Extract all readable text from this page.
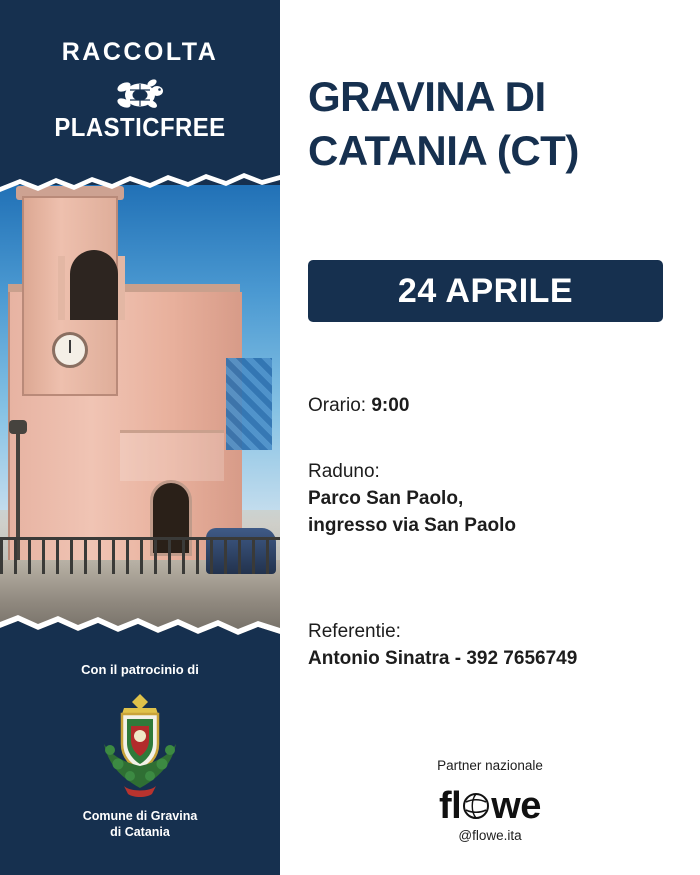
RACCOLTA
PLASTICFREE
Con il patrocinio di
Comune di Gravina
di Catania
GRAVINA DI
CATANIA (CT)
24 APRILE
Orario: 9:00
Raduno:
Parco San Paolo,
ingresso via San Paolo
Referentie:
Antonio Sinatra - 392 7656749
Partner nazionale
fl we
@flowe.ita
